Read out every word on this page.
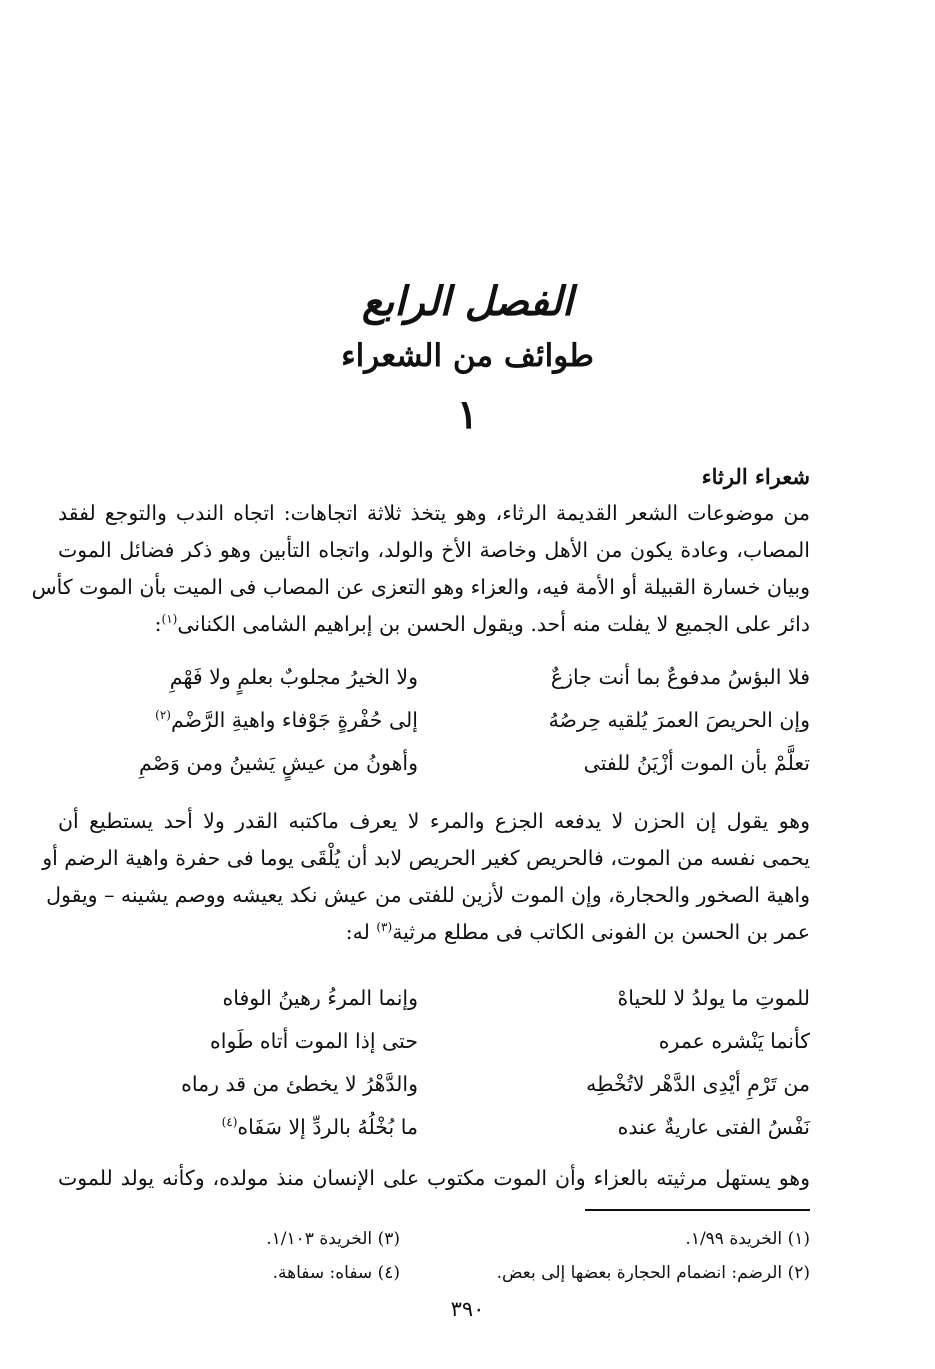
الفصل الرابع
طوائف من الشعراء
١
شعراء الرثاء
من موضوعات الشعر القديمة الرثاء، وهو يتخذ ثلاثة اتجاهات: اتجاه الندب والتوجع لفقد
المصاب، وعادة يكون من الأهل وخاصة الأخ والولد، واتجاه التأبين وهو ذكر فضائل الموت
وبيان خسارة القبيلة أو الأمة فيه، والعزاء وهو التعزى عن المصاب فى الميت بأن الموت كأس
دائر على الجميع لا يفلت منه أحد. ويقول الحسن بن إبراهيم الشامى الكنانى$^{(١)}$:
فلا البؤسُ مدفوعٌ بما أنت جازعٌ
ولا الخيرُ مجلوبٌ بعلمٍ ولا فَهْمِ
وإن الحريصَ العمرَ يُلقيه حِرصُهُ
إلى حُفْرةٍ جَوْفاء واهيةِ الرَّضْم$^{(٢)}$
تعلَّمْ بأن الموت أزْيَنُ للفتى
وأهونُ من عيشٍ يَشينُ ومن وَصْمِ
وهو يقول إن الحزن لا يدفعه الجزع والمرء لا يعرف ماكتبه القدر ولا أحد يستطيع أن
يحمى نفسه من الموت، فالحريص كغير الحريص لابد أن يُلْقَى يوما فى حفرة واهية الرضم أو
واهية الصخور والحجارة، وإن الموت لأزين للفتى من عيش نكد يعيشه ووصم يشينه – ويقول
عمر بن الحسن بن الفونى الكاتب فى مطلع مرثية$^{(٣)}$ له:
للموتِ ما يولدُ لا للحياهْ
وإنما المرءُ رهينُ الوفاه
كأنما يَنْشره عمره
حتى إذا الموت أتاه طَواه
من تَرْمِ أيْدِى الدَّهْر لاتُخْطِه
والدَّهْرُ لا يخطئ من قد رماه
نَفْسُ الفتى عاريةٌ عنده
ما بُخْلُهُ بالردِّ إلا سَفَاه$^{(٤)}$
وهو يستهل مرثيته بالعزاء وأن الموت مكتوب على الإنسان منذ مولده، وكأنه يولد للموت
(١) الخريدة ١/٩٩.
(٢) الرضم: انضمام الحجارة بعضها إلى بعض.
(٣) الخريدة ١/١٠٣.
(٤) سفاه: سفاهة.
٣٩٠
